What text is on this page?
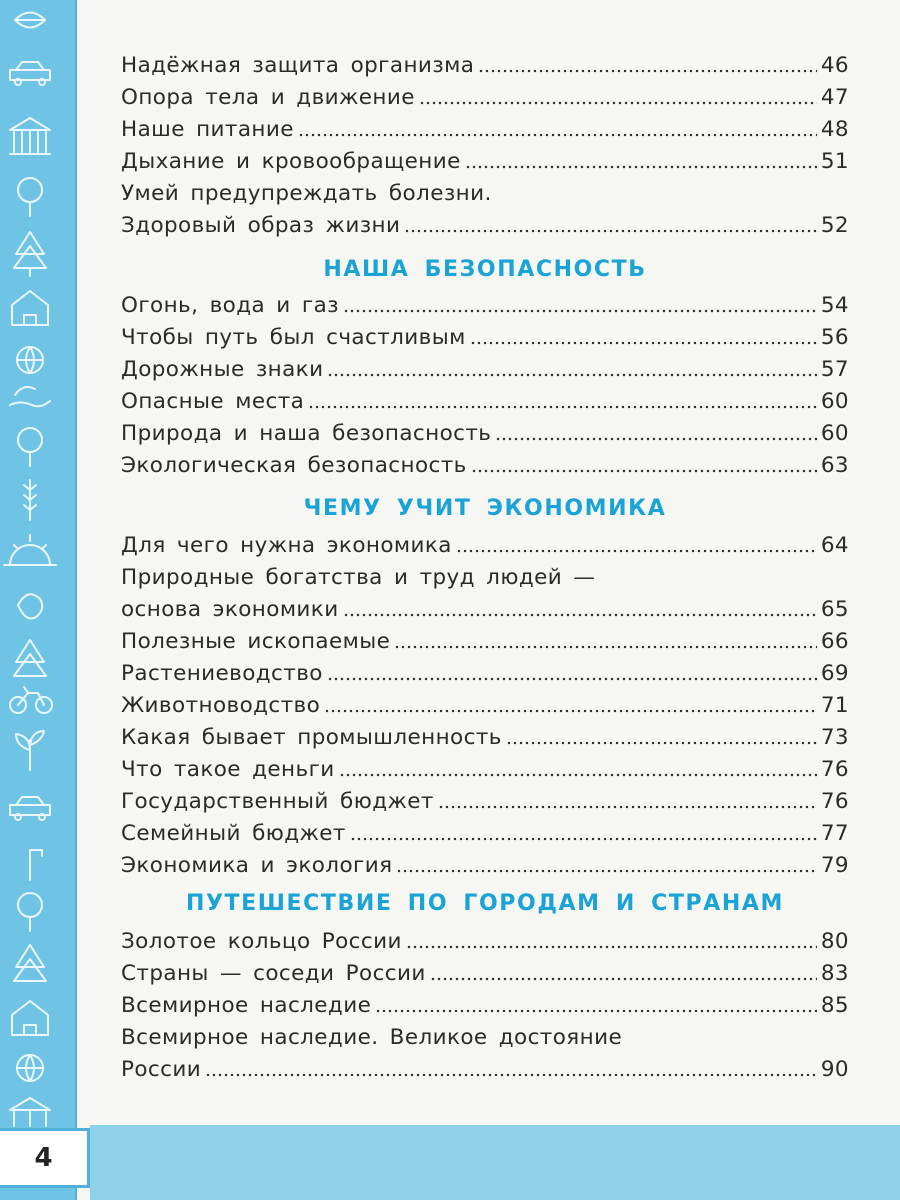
4
Надёжная защита организма	46
Опора тела и движение	47
Наше питание	48
Дыхание и кровообращение	51
Умей предупреждать болезни.
Здоровый образ жизни	52
НАША БЕЗОПАСНОСТЬ
Огонь, вода и газ	54
Чтобы путь был счастливым	56
Дорожные знаки	57
Опасные места	60
Природа и наша безопасность	60
Экологическая безопасность	63
ЧЕМУ УЧИТ ЭКОНОМИКА
Для чего нужна экономика	64
Природные богатства и труд людей —
основа экономики	65
Полезные ископаемые	66
Растениеводство	69
Животноводство	71
Какая бывает промышленность	73
Что такое деньги	76
Государственный бюджет	76
Семейный бюджет	77
Экономика и экология	79
ПУТЕШЕСТВИЕ ПО ГОРОДАМ И СТРАНАМ
Золотое кольцо России	80
Страны — соседи России	83
Всемирное наследие	85
Всемирное наследие. Великое достояние
России	90
